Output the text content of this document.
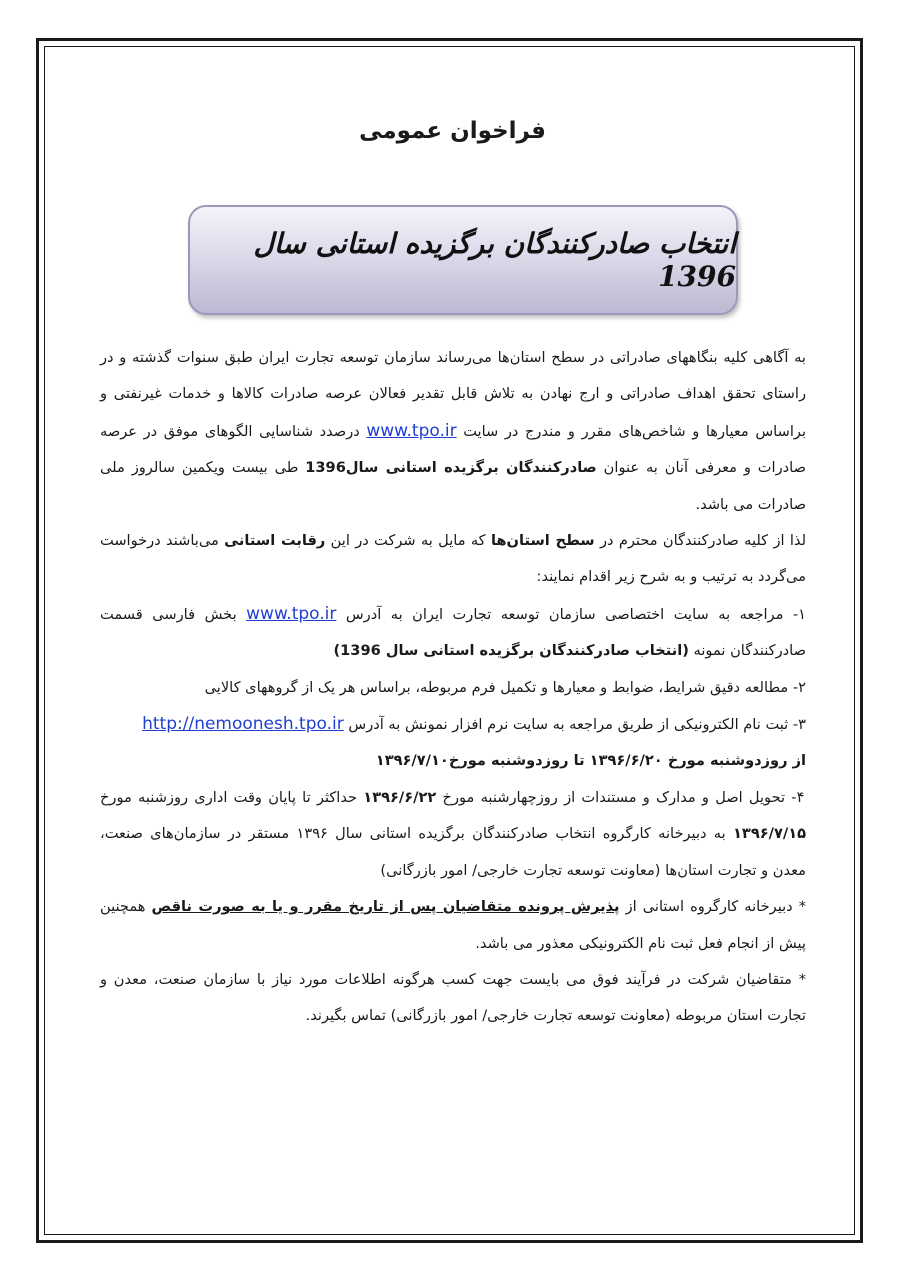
فراخوان عمومی
انتخاب صادرکنندگان برگزیده استانی سال 1396

به آگاهی کلیه بنگاههای صادراتی در سطح استان‌ها می‌رساند سازمان توسعه تجارت ایران طبق سنوات گذشته و در راستای تحقق اهداف صادراتی و ارج نهادن به تلاش قابل تقدیر فعالان عرصه صادرات کالاها و خدمات غیرنفتی و براساس معیارها و شاخص‌های مقرر و مندرج در سایت www.tpo.ir درصدد شناسایی الگوهای موفق در عرصه صادرات و معرفی آنان به عنوان صادرکنندگان برگزیده استانی سال1396 طی بیست ویکمین سالروز ملی صادرات می باشد.

لذا از کلیه صادرکنندگان محترم در سطح استان‌ها که مایل به شرکت در این رقابت استانی می‌باشند درخواست می‌گردد به ترتیب و به شرح زیر اقدام نمایند:

۱- مراجعه به سایت اختصاصی سازمان توسعه تجارت ایران به آدرس www.tpo.ir بخش فارسی قسمت صادرکنندگان نمونه (انتخاب صادرکنندگان برگزیده استانی سال 1396)

۲- مطالعه دقیق شرایط، ضوابط و معیارها و تکمیل فرم مربوطه، براساس هر یک از گروههای کالایی

۳- ثبت نام الکترونیکی از طریق مراجعه به سایت نرم افزار نمونش به آدرس http://nemoonesh.tpo.ir
از روزدوشنبه مورخ ۱۳۹۶/۶/۲۰ تا روزدوشنبه مورخ۱۳۹۶/۷/۱۰

۴- تحویل اصل و مدارک و مستندات از روزچهارشنبه مورخ ۱۳۹۶/۶/۲۲ حداکثر تا پایان وقت اداری روزشنبه مورخ ۱۳۹۶/۷/۱۵ به دبیرخانه کارگروه انتخاب صادرکنندگان برگزیده استانی سال ۱۳۹۶ مستقر در سازمان‌های صنعت، معدن و تجارت استان‌ها (معاونت توسعه تجارت خارجی/ امور بازرگانی)

* دبیرخانه کارگروه استانی از پذیرش پرونده متقاضیان پس از تاریخ مقرر و یا به صورت ناقص همچنین پیش از انجام فعل ثبت نام الکترونیکی معذور می باشد.

* متقاضیان شرکت در فرآیند فوق می بایست جهت کسب هرگونه اطلاعات مورد نیاز با سازمان صنعت، معدن و تجارت استان مربوطه (معاونت توسعه تجارت خارجی/ امور بازرگانی) تماس بگیرند.
